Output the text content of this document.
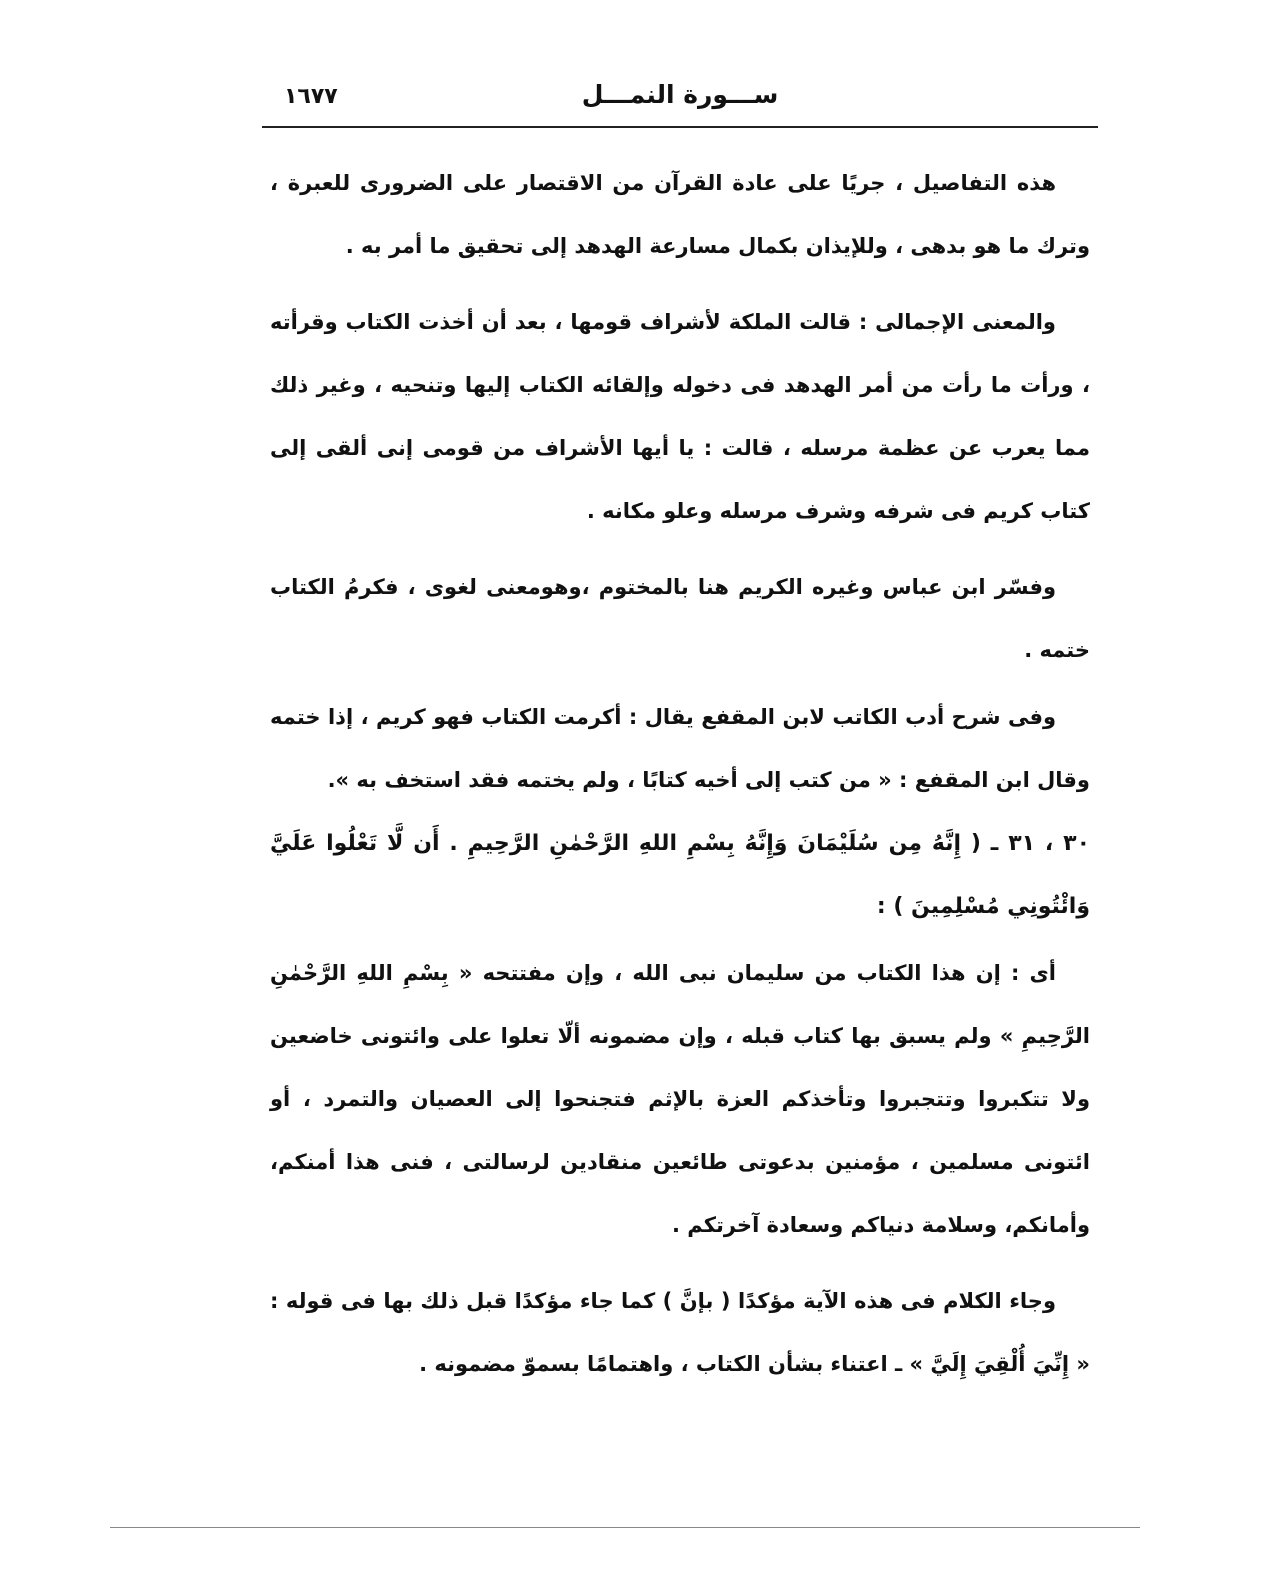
١٦٧٧	ســـورة النمـــل

هذه التفاصيل ، جريًا على عادة القرآن من الاقتصار على الضرورى للعبرة ، وترك ما هو بدهى ، وللإيذان بكمال مسارعة الهدهد إلى تحقيق ما أمر به .

والمعنى الإجمالى : قالت الملكة لأشراف قومها ، بعد أن أخذت الكتاب وقرأته ، ورأت ما رأت من أمر الهدهد فى دخوله وإلقائه الكتاب إليها وتنحيه ، وغير ذلك مما يعرب عن عظمة مرسله ، قالت : يا أيها الأشراف من قومى إنى ألقى إلى كتاب كريم فى شرفه وشرف مرسله وعلو مكانه .

وفسّر ابن عباس وغيره الكريم هنا بالمختوم ،وهومعنى لغوى ، فكرمُ الكتاب ختمه .

وفى شرح أدب الكاتب لابن المقفع يقال : أكرمت الكتاب فهو كريم ، إذا ختمه وقال ابن المقفع : « من كتب إلى أخيه كتابًا ، ولم يختمه فقد استخف به ».

٣٠ ، ٣١ ـ ( إِنَّهُ مِن سُلَيْمَانَ وَإِنَّهُ بِسْمِ اللهِ الرَّحْمٰنِ الرَّحِيمِ . أَن لَّا تَعْلُوا عَلَيَّ وَائْتُونِي مُسْلِمِينَ ) :

أى : إن هذا الكتاب من سليمان نبى الله ، وإن مفتتحه « بِسْمِ اللهِ الرَّحْمٰنِ الرَّحِيمِ » ولم يسبق بها كتاب قبله ، وإن مضمونه ألّا تعلوا على وائتونى خاضعين ولا تتكبروا وتتجبروا وتأخذكم العزة بالإثم فتجنحوا إلى العصيان والتمرد ، أو ائتونى مسلمين ، مؤمنين بدعوتى طائعين منقادين لرسالتى ، فنى هذا أمنكم، وأمانكم، وسلامة دنياكم وسعادة آخرتكم .

وجاء الكلام فى هذه الآية مؤكدًا ( بإنَّ ) كما جاء مؤكدًا قبل ذلك بها فى قوله : « إِنِّيَ أُلْقِيَ إِلَيَّ » ـ اعتناء بشأن الكتاب ، واهتمامًا بسموّ مضمونه .
